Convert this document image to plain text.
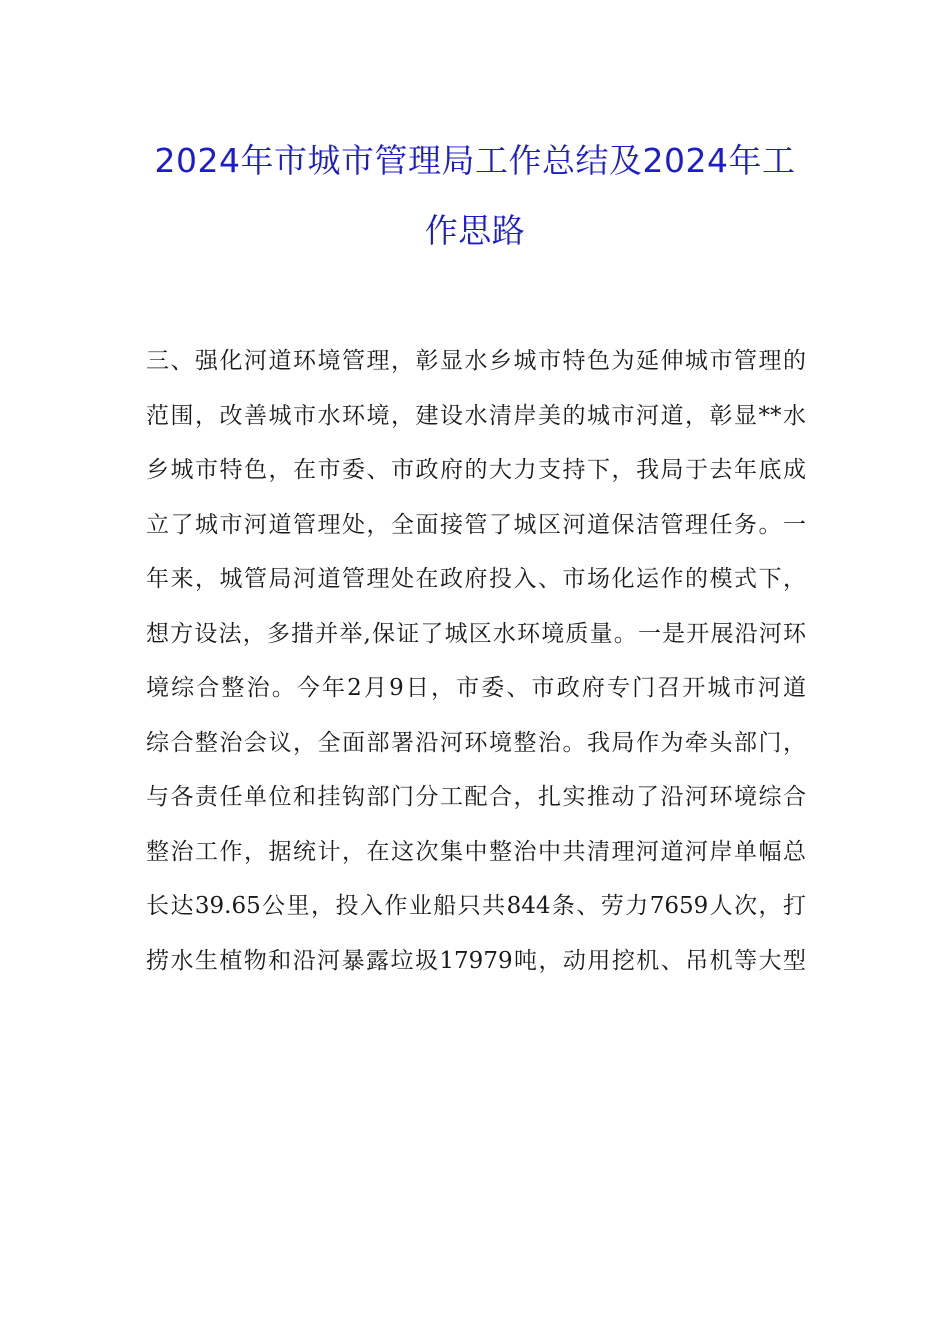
2024年市城市管理局工作总结及2024年工
作思路
三、强化河道环境管理，彰显水乡城市特色为延伸城市管理的
范围，改善城市水环境，建设水清岸美的城市河道，彰显**水
乡城市特色，在市委、市政府的大力支持下，我局于去年底成
立了城市河道管理处，全面接管了城区河道保洁管理任务。一
年来，城管局河道管理处在政府投入、市场化运作的模式下，
想方设法，多措并举,保证了城区水环境质量。一是开展沿河环
境综合整治。今年2月9日，市委、市政府专门召开城市河道
综合整治会议，全面部署沿河环境整治。我局作为牵头部门，
与各责任单位和挂钩部门分工配合，扎实推动了沿河环境综合
整治工作，据统计，在这次集中整治中共清理河道河岸单幅总
长达39.65公里，投入作业船只共844条、劳力7659人次，打
捞水生植物和沿河暴露垃圾17979吨，动用挖机、吊机等大型
